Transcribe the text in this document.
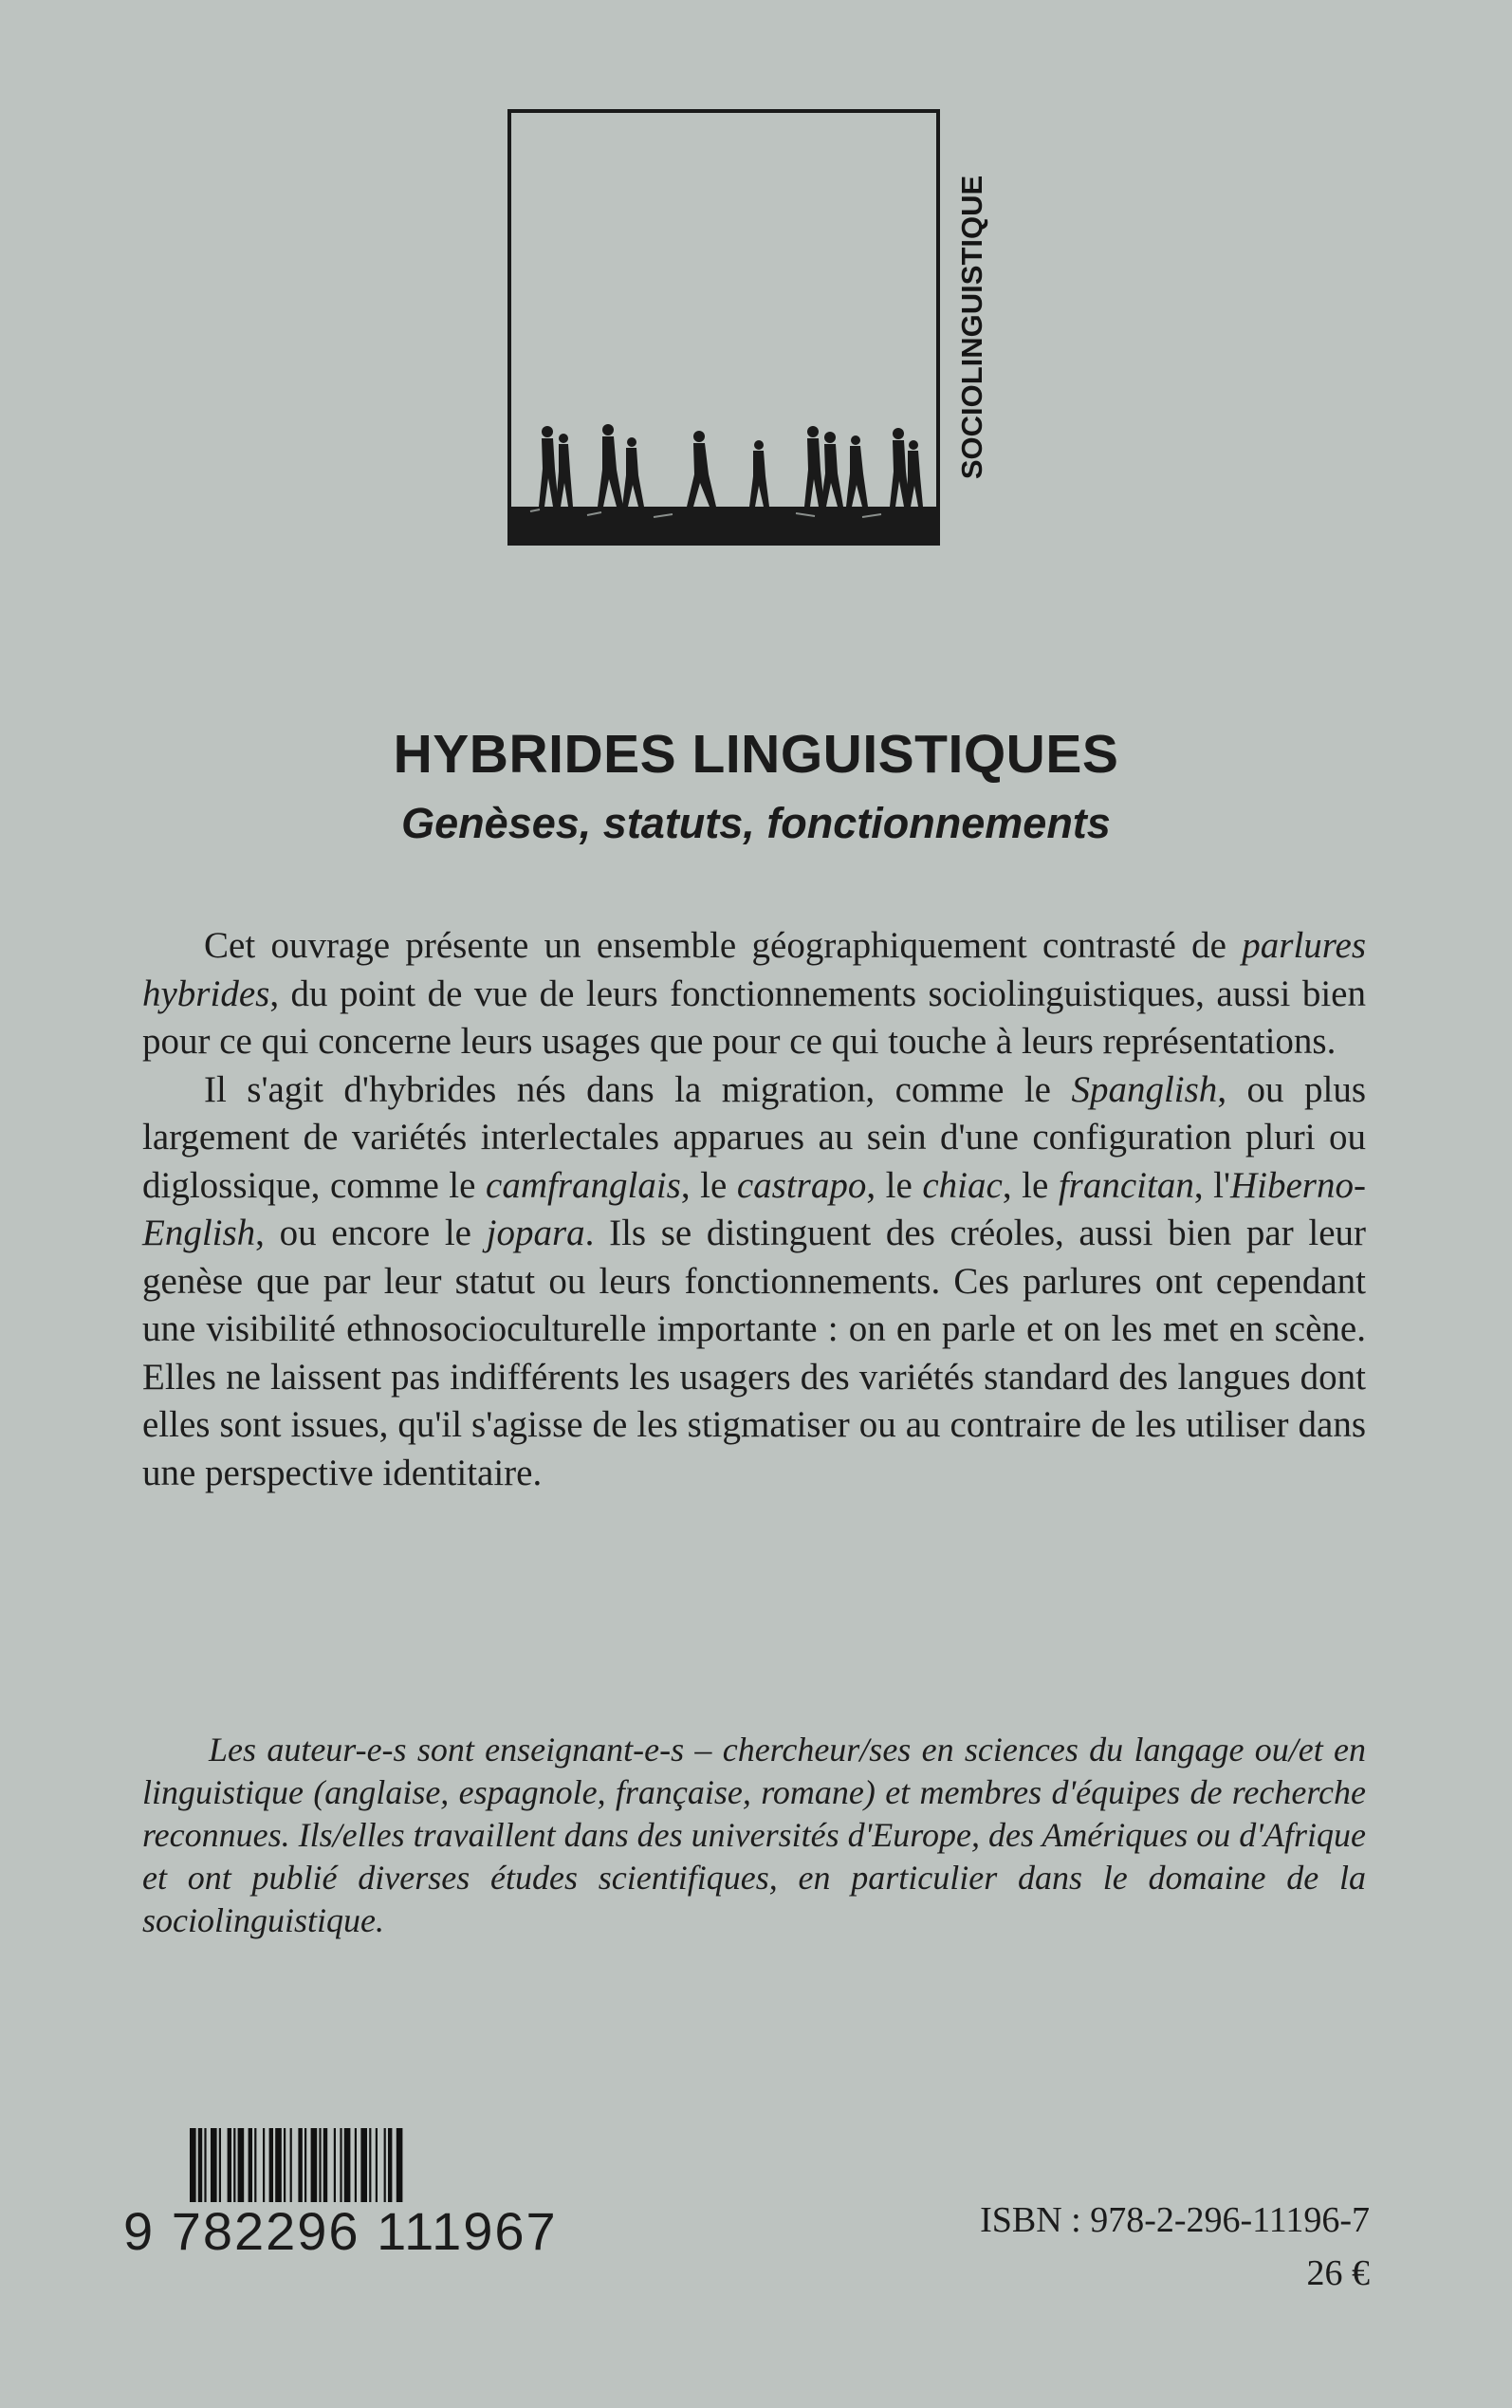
SOCIOLINGUISTIQUE
HYBRIDES LINGUISTIQUES
Genèses, statuts, fonctionnements

Cet ouvrage présente un ensemble géographiquement contrasté de parlures hybrides, du point de vue de leurs fonctionnements sociolinguistiques, aussi bien pour ce qui concerne leurs usages que pour ce qui touche à leurs représentations.

Il s'agit d'hybrides nés dans la migration, comme le Spanglish, ou plus largement de variétés interlectales apparues au sein d'une configuration pluri ou diglossique, comme le camfranglais, le castrapo, le chiac, le francitan, l'Hiberno-English, ou encore le jopara. Ils se distinguent des créoles, aussi bien par leur genèse que par leur statut ou leurs fonctionnements. Ces parlures ont cependant une visibilité ethnosocioculturelle importante : on en parle et on les met en scène. Elles ne laissent pas indifférents les usagers des variétés standard des langues dont elles sont issues, qu'il s'agisse de les stigmatiser ou au contraire de les utiliser dans une perspective identitaire.

Les auteur-e-s sont enseignant-e-s – chercheur/ses en sciences du langage ou/et en linguistique (anglaise, espagnole, française, romane) et membres d'équipes de recherche reconnues. Ils/elles travaillent dans des universités d'Europe, des Amériques ou d'Afrique et ont publié diverses études scientifiques, en particulier dans le domaine de la sociolinguistique.

9 782296 111967	ISBN : 978-2-296-11196-7

26 €
